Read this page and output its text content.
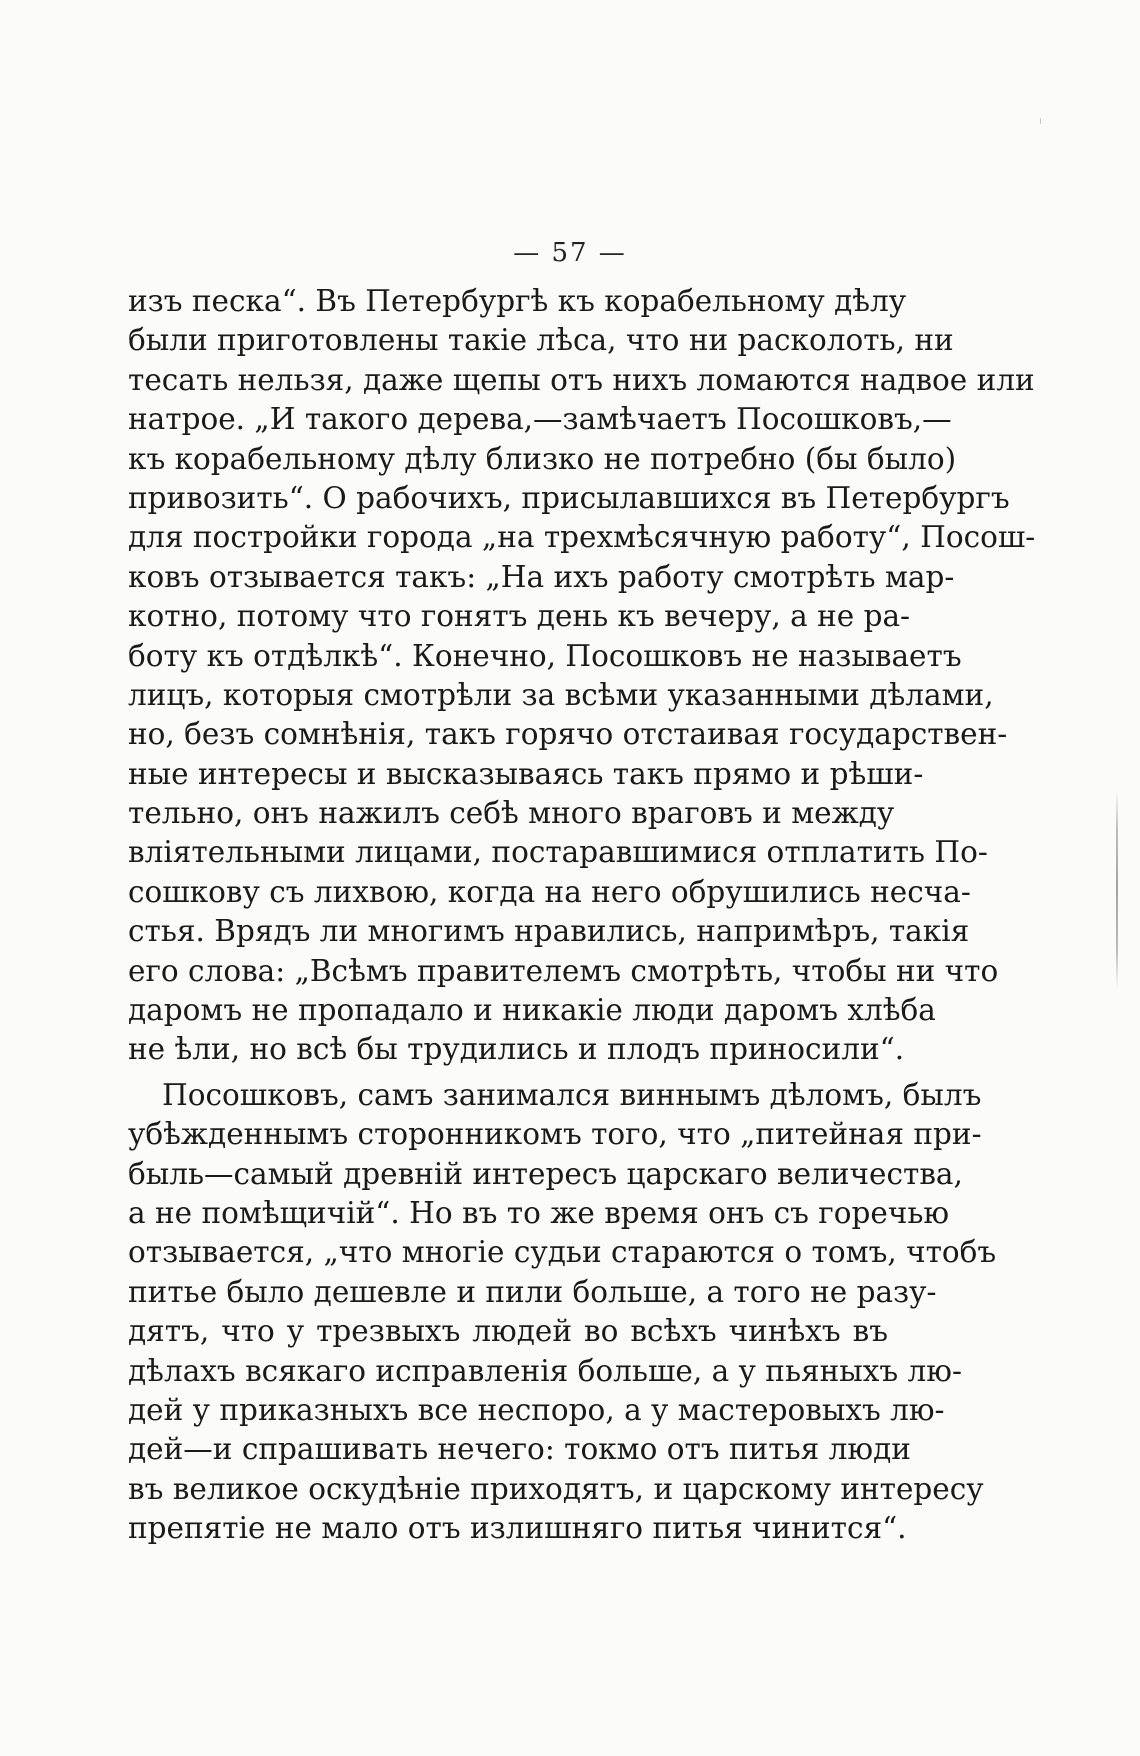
— 57 —
изъ песка“. Въ Петербургѣ къ корабельному дѣлу
были приготовлены такіе лѣса, что ни расколоть, ни
тесать нельзя, даже щепы отъ нихъ ломаются надвое или
натрое. „И такого дерева,—замѣчаетъ Посошковъ,—
къ корабельному дѣлу близко не потребно (бы было)
привозить“. О рабочихъ, присылавшихся въ Петербургъ
для постройки города „на трехмѣсячную работу“, Посош-
ковъ отзывается такъ: „На ихъ работу смотрѣть мар-
котно, потому что гонятъ день къ вечеру, а не ра-
боту къ отдѣлкѣ“. Конечно, Посошковъ не называетъ
лицъ, которыя смотрѣли за всѣми указанными дѣлами,
но, безъ сомнѣнія, такъ горячо отстаивая государствен-
ные интересы и высказываясь такъ прямо и рѣши-
тельно, онъ нажилъ себѣ много враговъ и между
вліятельными лицами, постаравшимися отплатить По-
сошкову съ лихвою, когда на него обрушились несча-
стья. Врядъ ли многимъ нравились, напримѣръ, такія
его слова: „Всѣмъ правителемъ смотрѣть, чтобы ни что
даромъ не пропадало и никакіе люди даромъ хлѣба
не ѣли, но всѣ бы трудились и плодъ приносили“.
Посошковъ, самъ занимался виннымъ дѣломъ, былъ
убѣжденнымъ сторонникомъ того, что „питейная при-
быль—самый древній интересъ царскаго величества,
а не помѣщичій“. Но въ то же время онъ съ горечью
отзывается, „что многіе судьи стараются о томъ, чтобъ
питье было дешевле и пили больше, а того не разу-
дятъ, что у трезвыхъ людей во всѣхъ чинѣхъ въ
дѣлахъ всякаго исправленія больше, а у пьяныхъ лю-
дей у приказныхъ все неспоро, а у мастеровыхъ лю-
дей—и спрашивать нечего: токмо отъ питья люди
въ великое оскудѣніе приходятъ, и царскому интересу
препятіе не мало отъ излишняго питья чинится“.
